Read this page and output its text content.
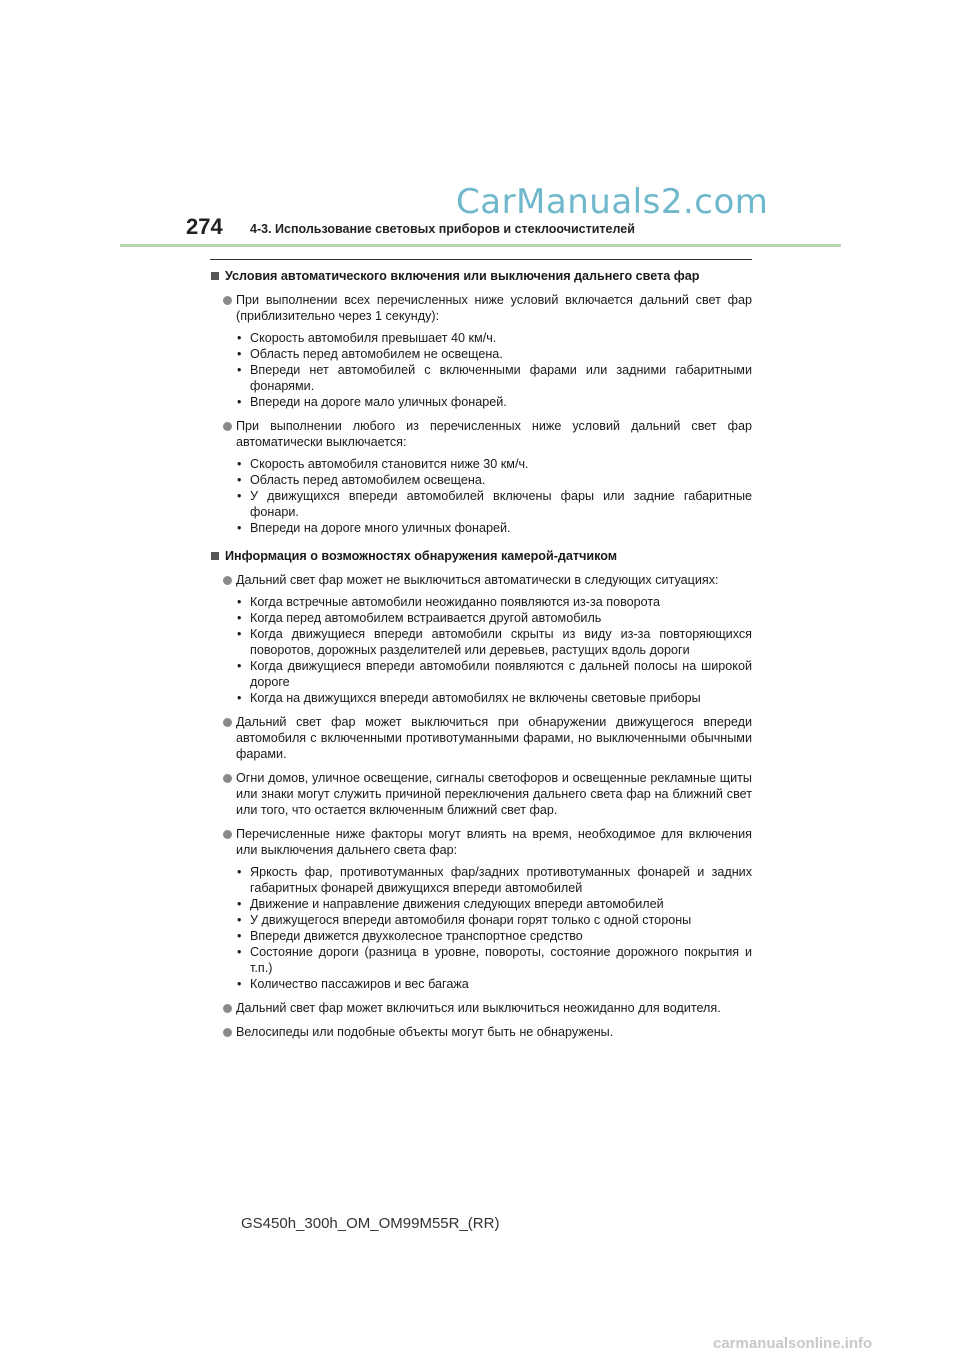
CarManuals2.com
274 4-3. Использование световых приборов и стеклоочистителей
Условия автоматического включения или выключения дальнего света фар
При выполнении всех перечисленных ниже условий включается дальний свет фар (приблизительно через 1 секунду):
• Скорость автомобиля превышает 40 км/ч.
• Область перед автомобилем не освещена.
• Впереди нет автомобилей с включенными фарами или задними габаритными фонарями.
• Впереди на дороге мало уличных фонарей.
При выполнении любого из перечисленных ниже условий дальний свет фар автоматически выключается:
• Скорость автомобиля становится ниже 30 км/ч.
• Область перед автомобилем освещена.
• У движущихся впереди автомобилей включены фары или задние габаритные фонари.
• Впереди на дороге много уличных фонарей.
Информация о возможностях обнаружения камерой-датчиком
Дальний свет фар может не выключиться автоматически в следующих ситуациях:
• Когда встречные автомобили неожиданно появляются из-за поворота
• Когда перед автомобилем встраивается другой автомобиль
• Когда движущиеся впереди автомобили скрыты из виду из-за повторяющихся поворотов, дорожных разделителей или деревьев, растущих вдоль дороги
• Когда движущиеся впереди автомобили появляются с дальней полосы на широкой дороге
• Когда на движущихся впереди автомобилях не включены световые приборы
Дальний свет фар может выключиться при обнаружении движущегося впереди автомобиля с включенными противотуманными фарами, но выключенными обычными фарами.
Огни домов, уличное освещение, сигналы светофоров и освещенные рекламные щиты или знаки могут служить причиной переключения дальнего света фар на ближний свет или того, что остается включенным ближний свет фар.
Перечисленные ниже факторы могут влиять на время, необходимое для включения или выключения дальнего света фар:
• Яркость фар, противотуманных фар/задних противотуманных фонарей и задних габаритных фонарей движущихся впереди автомобилей
• Движение и направление движения следующих впереди автомобилей
• У движущегося впереди автомобиля фонари горят только с одной стороны
• Впереди движется двухколесное транспортное средство
• Состояние дороги (разница в уровне, повороты, состояние дорожного покрытия и т.п.)
• Количество пассажиров и вес багажа
Дальний свет фар может включиться или выключиться неожиданно для водителя.
Велосипеды или подобные объекты могут быть не обнаружены.
GS450h_300h_OM_OM99M55R_(RR)
carmanualsonline.info
